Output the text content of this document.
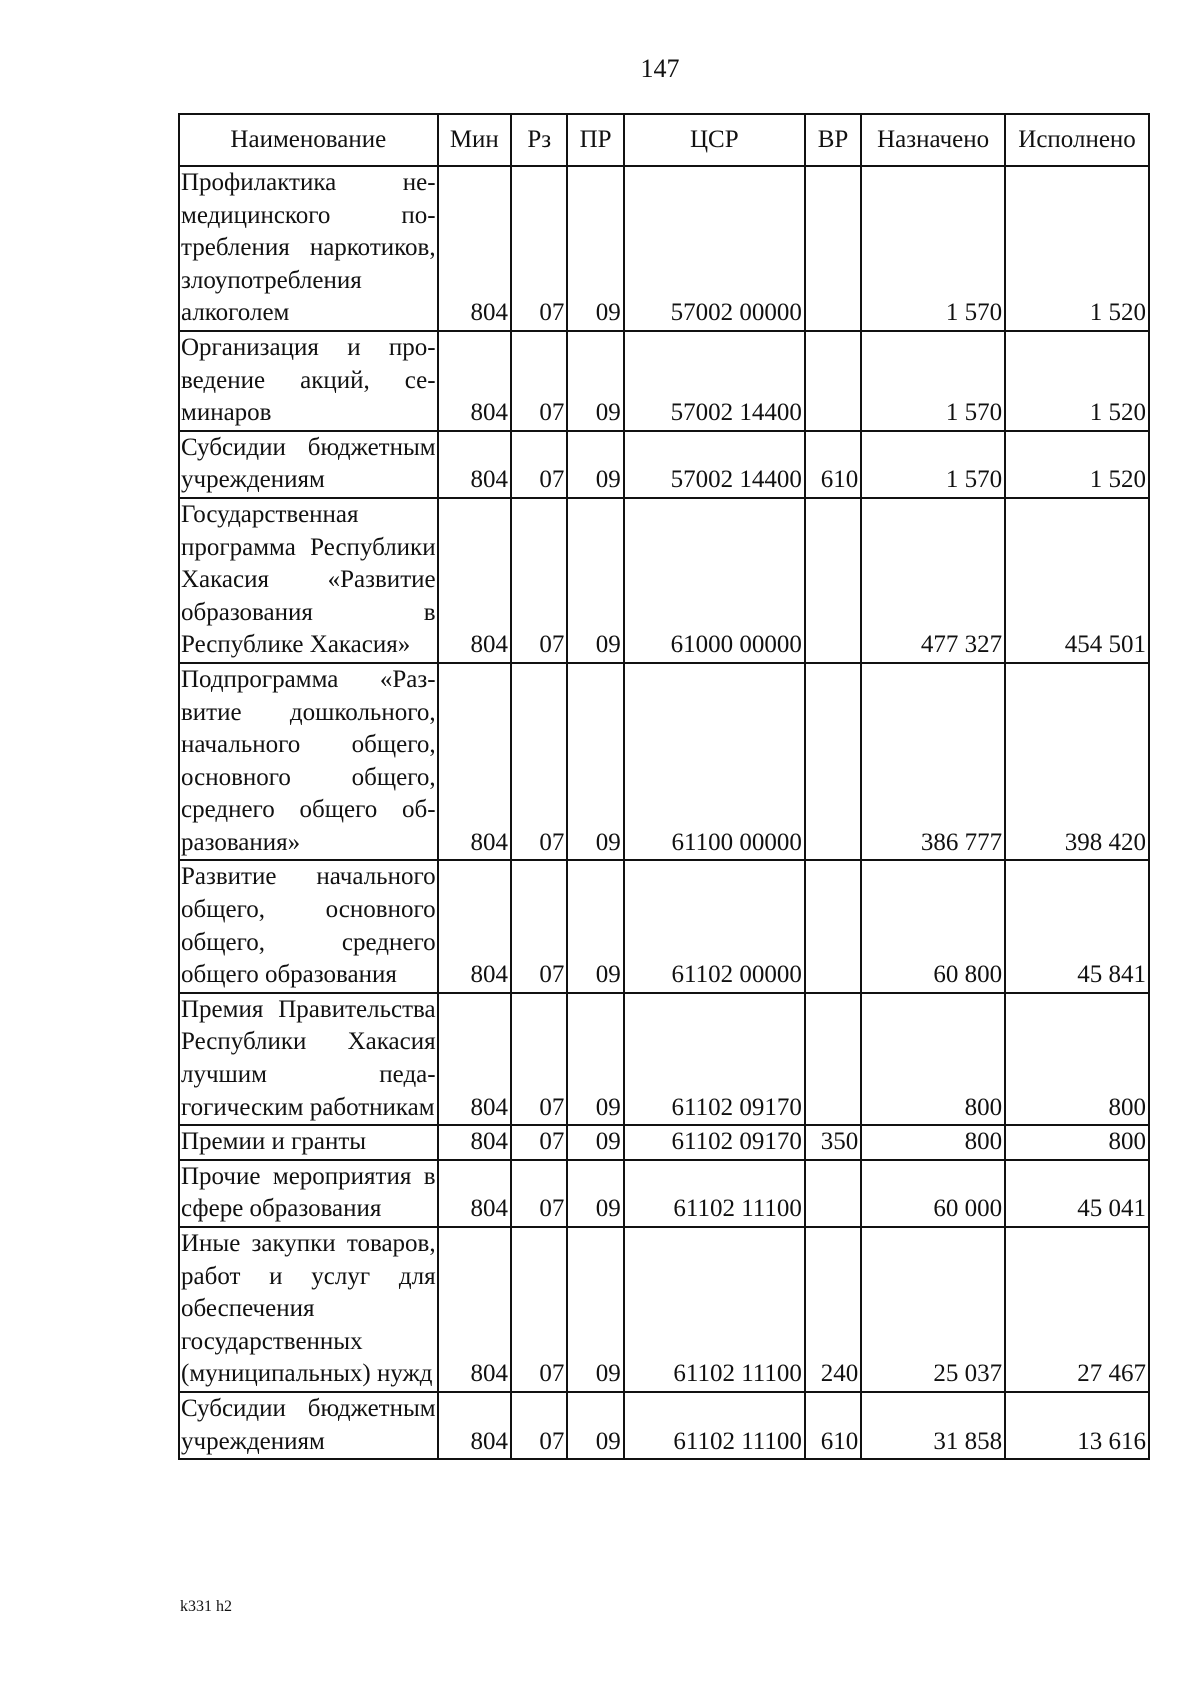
147
Наименование	Мин	Рз	ПР	ЦСР	ВР	Назначено	Исполнено
Профилактика немедицинского потребления наркотиков, злоупотребления алкоголем	804	07	09	57002 00000		1 570	1 520
Организация и проведение акций, семинаров	804	07	09	57002 14400		1 570	1 520
Субсидии бюджетным учреждениям	804	07	09	57002 14400	610	1 570	1 520
Государственная программа Республики Хакасия «Развитие образования в Республике Хакасия»	804	07	09	61000 00000		477 327	454 501
Подпрограмма «Развитие дошкольного, начального общего, основного общего, среднего общего образования»	804	07	09	61100 00000		386 777	398 420
Развитие начального общего, основного общего, среднего общего образования	804	07	09	61102 00000		60 800	45 841
Премия Правительства Республики Хакасия лучшим педагогическим работникам	804	07	09	61102 09170		800	800
Премии и гранты	804	07	09	61102 09170	350	800	800
Прочие мероприятия в сфере образования	804	07	09	61102 11100		60 000	45 041
Иные закупки товаров, работ и услуг для обеспечения государственных (муниципальных) нужд	804	07	09	61102 11100	240	25 037	27 467
Субсидии бюджетным учреждениям	804	07	09	61102 11100	610	31 858	13 616
k331 h2
